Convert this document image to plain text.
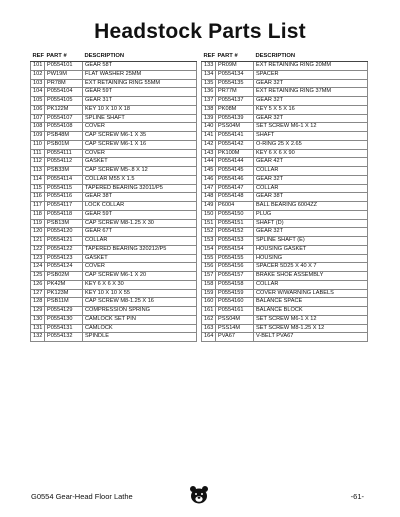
Headstock Parts List
REF	PART #	DESCRIPTION
101	P0554101	GEAR 58T
102	PW19M	FLAT WASHER 25MM
103	PR78M	EXT RETAINING RING 55MM
104	P0554104	GEAR 59T
105	P0554105	GEAR 31T
106	PK122M	KEY 10 X 10 X 18
107	P0554107	SPLINE SHAFT
108	P0554108	COVER
109	PSB48M	CAP SCREW M6-1 X 35
110	PSB01M	CAP SCREW M6-1 X 16
111	P0554111	COVER
112	P0554112	GASKET
113	PSB33M	CAP SCREW M5-.8 X 12
114	P0554114	COLLAR M55 X 1.5
115	P0554115	TAPERED BEARING 32011/P5
116	P0554116	GEAR 38T
117	P0554117	LOCK COLLAR
118	P0554118	GEAR 59T
119	PSB13M	CAP SCREW M8-1.25 X 30
120	P0554120	GEAR 67T
121	P0554121	COLLAR
122	P0554122	TAPERED BEARING 320212/P5
123	P0554123	GASKET
124	P0554124	COVER
125	PSB02M	CAP SCREW M6-1 X 20
126	PK42M	KEY 6 X 6 X 30
127	PK123M	KEY 10 X 10 X 55
128	PSB11M	CAP SCREW M8-1.25 X 16
129	P0554129	COMPRESSION SPRING
130	P0554130	CAMLOCK SET PIN
131	P0554131	CAMLOCK
132	P0554132	SPINDLE
REF	PART #	DESCRIPTION
133	PR09M	EXT RETAINING RING 20MM
134	P0554134	SPACER
135	P0554135	GEAR 32T
136	PR77M	EXT RETAINING RING 37MM
137	P0554137	GEAR 32T
138	PK08M	KEY 5 X 5 X 16
139	P0554139	GEAR 32T
140	PSS04M	SET SCREW M6-1 X 12
141	P0554141	SHAFT
142	P0554142	O-RING 25 X 2.65
143	PK100M	KEY 6 X 6 X 90
144	P0554144	GEAR 42T
145	P0554145	COLLAR
146	P0554146	GEAR 32T
147	P0554147	COLLAR
148	P0554148	GEAR 38T
149	P6004	BALL BEARING 6004ZZ
150	P0554150	PLUG
151	P0554151	SHAFT (D)
152	P0554152	GEAR 32T
153	P0554153	SPLINE SHAFT (E)
154	P0554154	HOUSING GASKET
155	P0554155	HOUSING
156	P0554156	SPACER 5D25 X 40 X 7
157	P0554157	BRAKE SHOE ASSEMBLY
158	P0554158	COLLAR
159	P0554159	COVER W/WARNING LABELS
160	P0554160	BALANCE SPACE
161	P0554161	BALANCE BLOCK
162	PSS04M	SET SCREW M6-1 X 12
163	PSS14M	SET SCREW M8-1.25 X 12
164	PVA67	V-BELT PVA67
G0554 Gear-Head Floor Lathe	-61-
